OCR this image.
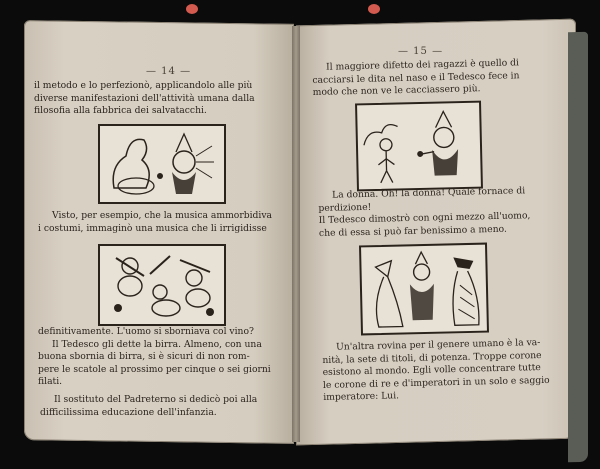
— 14 —

il metodo e lo perfezionò, applicandolo alle più

diverse manifestazioni dell'attività umana dalla

filosofia alla fabbrica dei salvatacchi.

Visto, per esempio, che la musica ammorbidiva

i costumi, immaginò una musica che li irrigidisse

definitivamente. L'uomo si sborniava col vino?

Il Tedesco gli dette la birra. Almeno, con una

buona sbornia di birra, si è sicuri di non rom-

pere le scatole al prossimo per cinque o sei giorni

filati.

Il sostituto del Padreterno si dedicò poi alla

difficilissima educazione dell'infanzia.

— 15 —

Il maggiore difetto dei ragazzi è quello di

cacciarsi le dita nel naso e il Tedesco fece in

modo che non ve le cacciassero più.

La donna. Oh! la donna! Quale fornace di

perdizione!

Il Tedesco dimostrò con ogni mezzo all'uomo,

che di essa si può far benissimo a meno.

Un'altra rovina per il genere umano è la va-

nità, la sete di titoli, di potenza. Troppe corone

esistono al mondo. Egli volle concentrare tutte

le corone di re e d'imperatori in un solo e saggio

imperatore: Lui.
